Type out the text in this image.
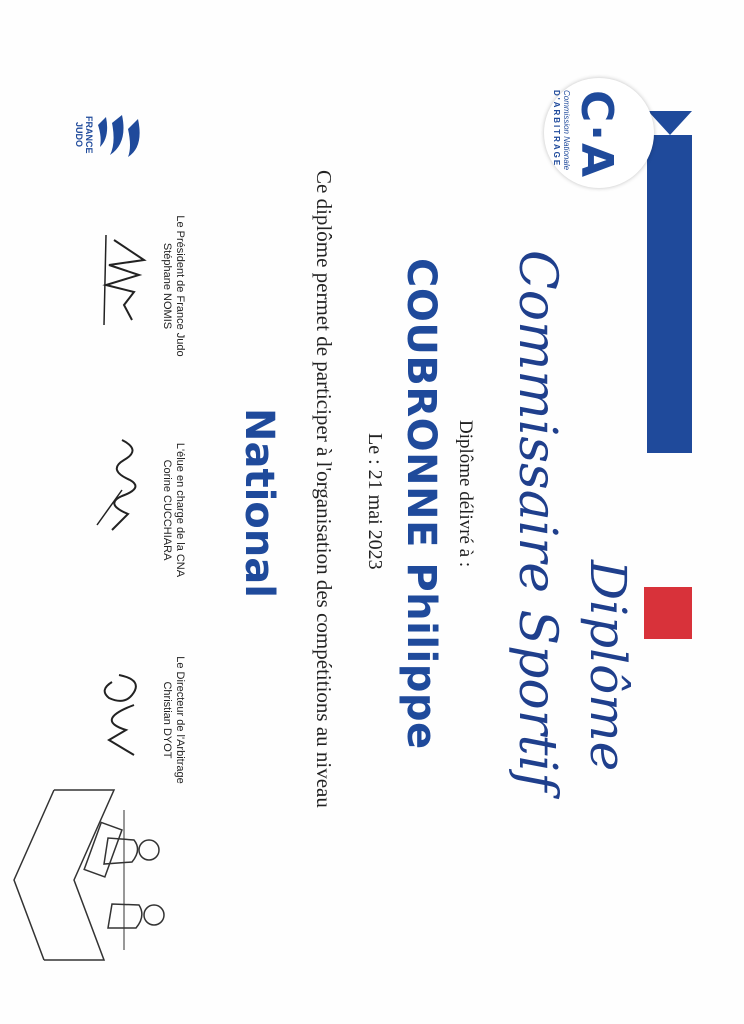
C·A
Commission Nationale
D'ARBITRAGE
FRANCE
JUDO
Diplôme
Commissaire Sportif
Diplôme délivré à :
COUBRONNE Philippe
Le : 21 mai 2023
Ce diplôme permet de participer à l'organisation des compétitions au niveau
National
Le Président de France Judo
Stéphane NOMIS
L'élue en charge de la CNA
Corine CUCCHIARA
Le Directeur de l'Arbitrage
Christian DYOT
